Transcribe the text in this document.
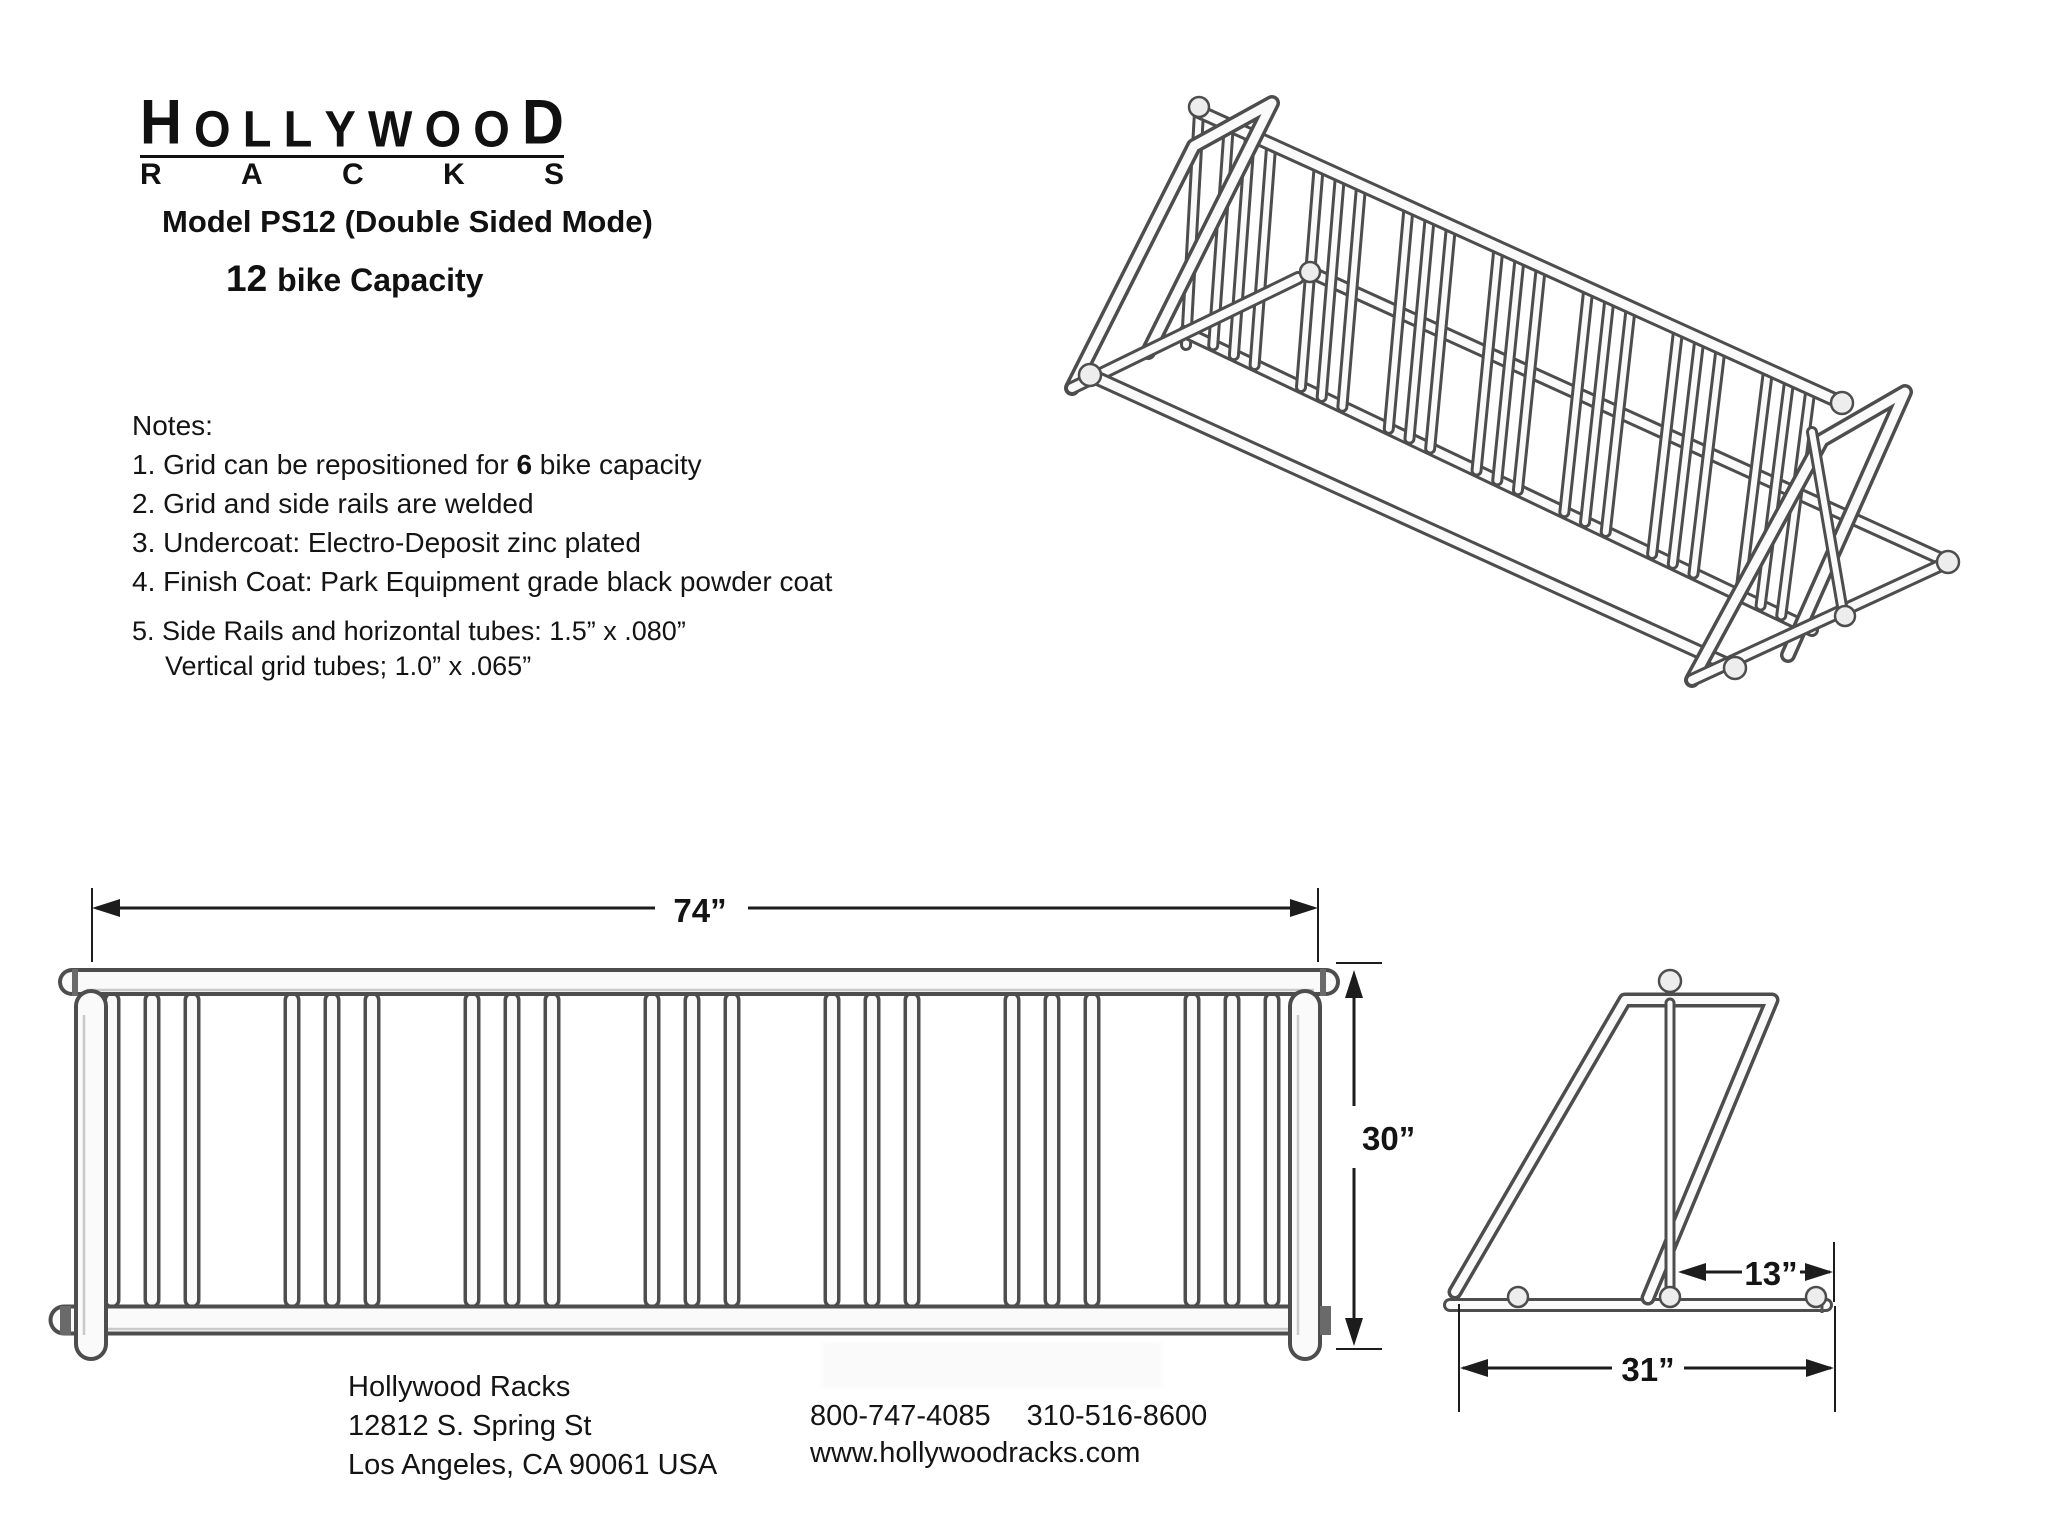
H O L L Y W O O D
R	A	C	K	S
Model PS12 (Double Sided Mode)
12 bike Capacity
Notes:
1. Grid can be repositioned for 6 bike capacity
2. Grid and side rails are welded
3. Undercoat: Electro-Deposit zinc plated
4. Finish Coat: Park Equipment grade black powder coat
5. Side Rails and horizontal tubes: 1.5” x .080”
Vertical grid tubes; 1.0” x .065”
Hollywood Racks
12812 S. Spring St
Los Angeles, CA 90061 USA
800-747-4085 310-516-8600
www.hollywoodracks.com
74”
30”
13”
31”
